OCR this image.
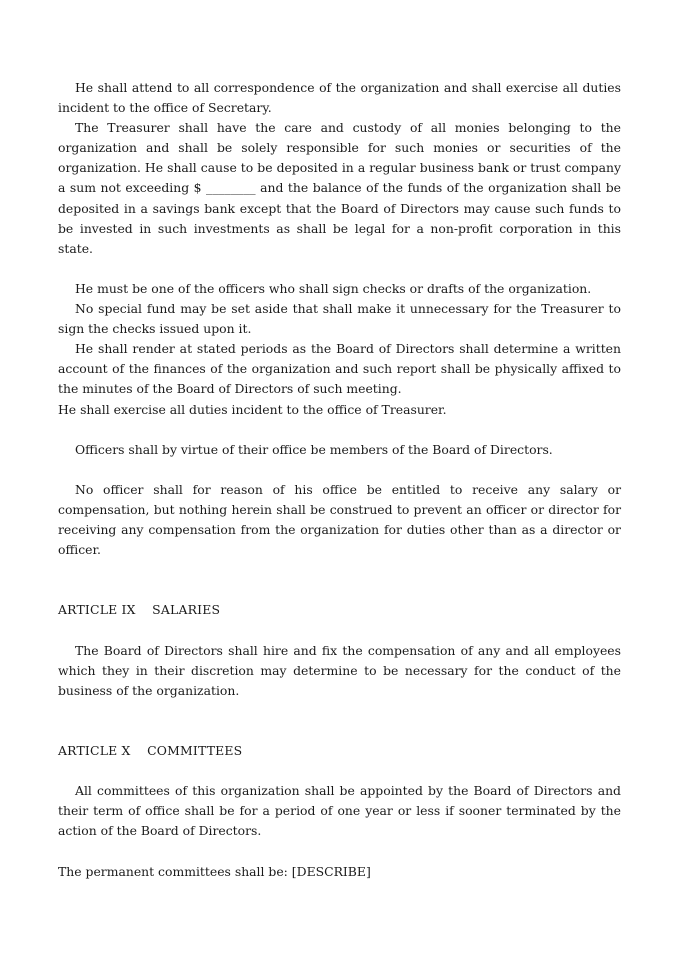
He shall attend to all correspondence of the organization and shall exercise all duties incident to the office of Secretary.

The Treasurer shall have the care and custody of all monies belonging to the organization and shall be solely responsible for such monies or securities of the organization. He shall cause to be deposited in a regular business bank or trust company a sum not exceeding $ ________ and the balance of the funds of the organization shall be deposited in a savings bank except that the Board of Directors may cause such funds to be invested in such investments as shall be legal for a non-profit corporation in this state.

He must be one of the officers who shall sign checks or drafts of the organization.

No special fund may be set aside that shall make it unnecessary for the Treasurer to sign the checks issued upon it.

He shall render at stated periods as the Board of Directors shall determine a written account of the finances of the organization and such report shall be physically affixed to the minutes of the Board of Directors of such meeting.

He shall exercise all duties incident to the office of Treasurer.

Officers shall by virtue of their office be members of the Board of Directors.

No officer shall for reason of his office be entitled to receive any salary or compensation, but nothing herein shall be construed to prevent an officer or director for receiving any compensation from the organization for duties other than as a director or officer.

ARTICLE IX    SALARIES

The Board of Directors shall hire and fix the compensation of any and all employees which they in their discretion may determine to be necessary for the conduct of the business of the organization.

ARTICLE X    COMMITTEES

All committees of this organization shall be appointed by the Board of Directors and their term of office shall be for a period of one year or less if sooner terminated by the action of the Board of Directors.

The permanent committees shall be: [DESCRIBE]
